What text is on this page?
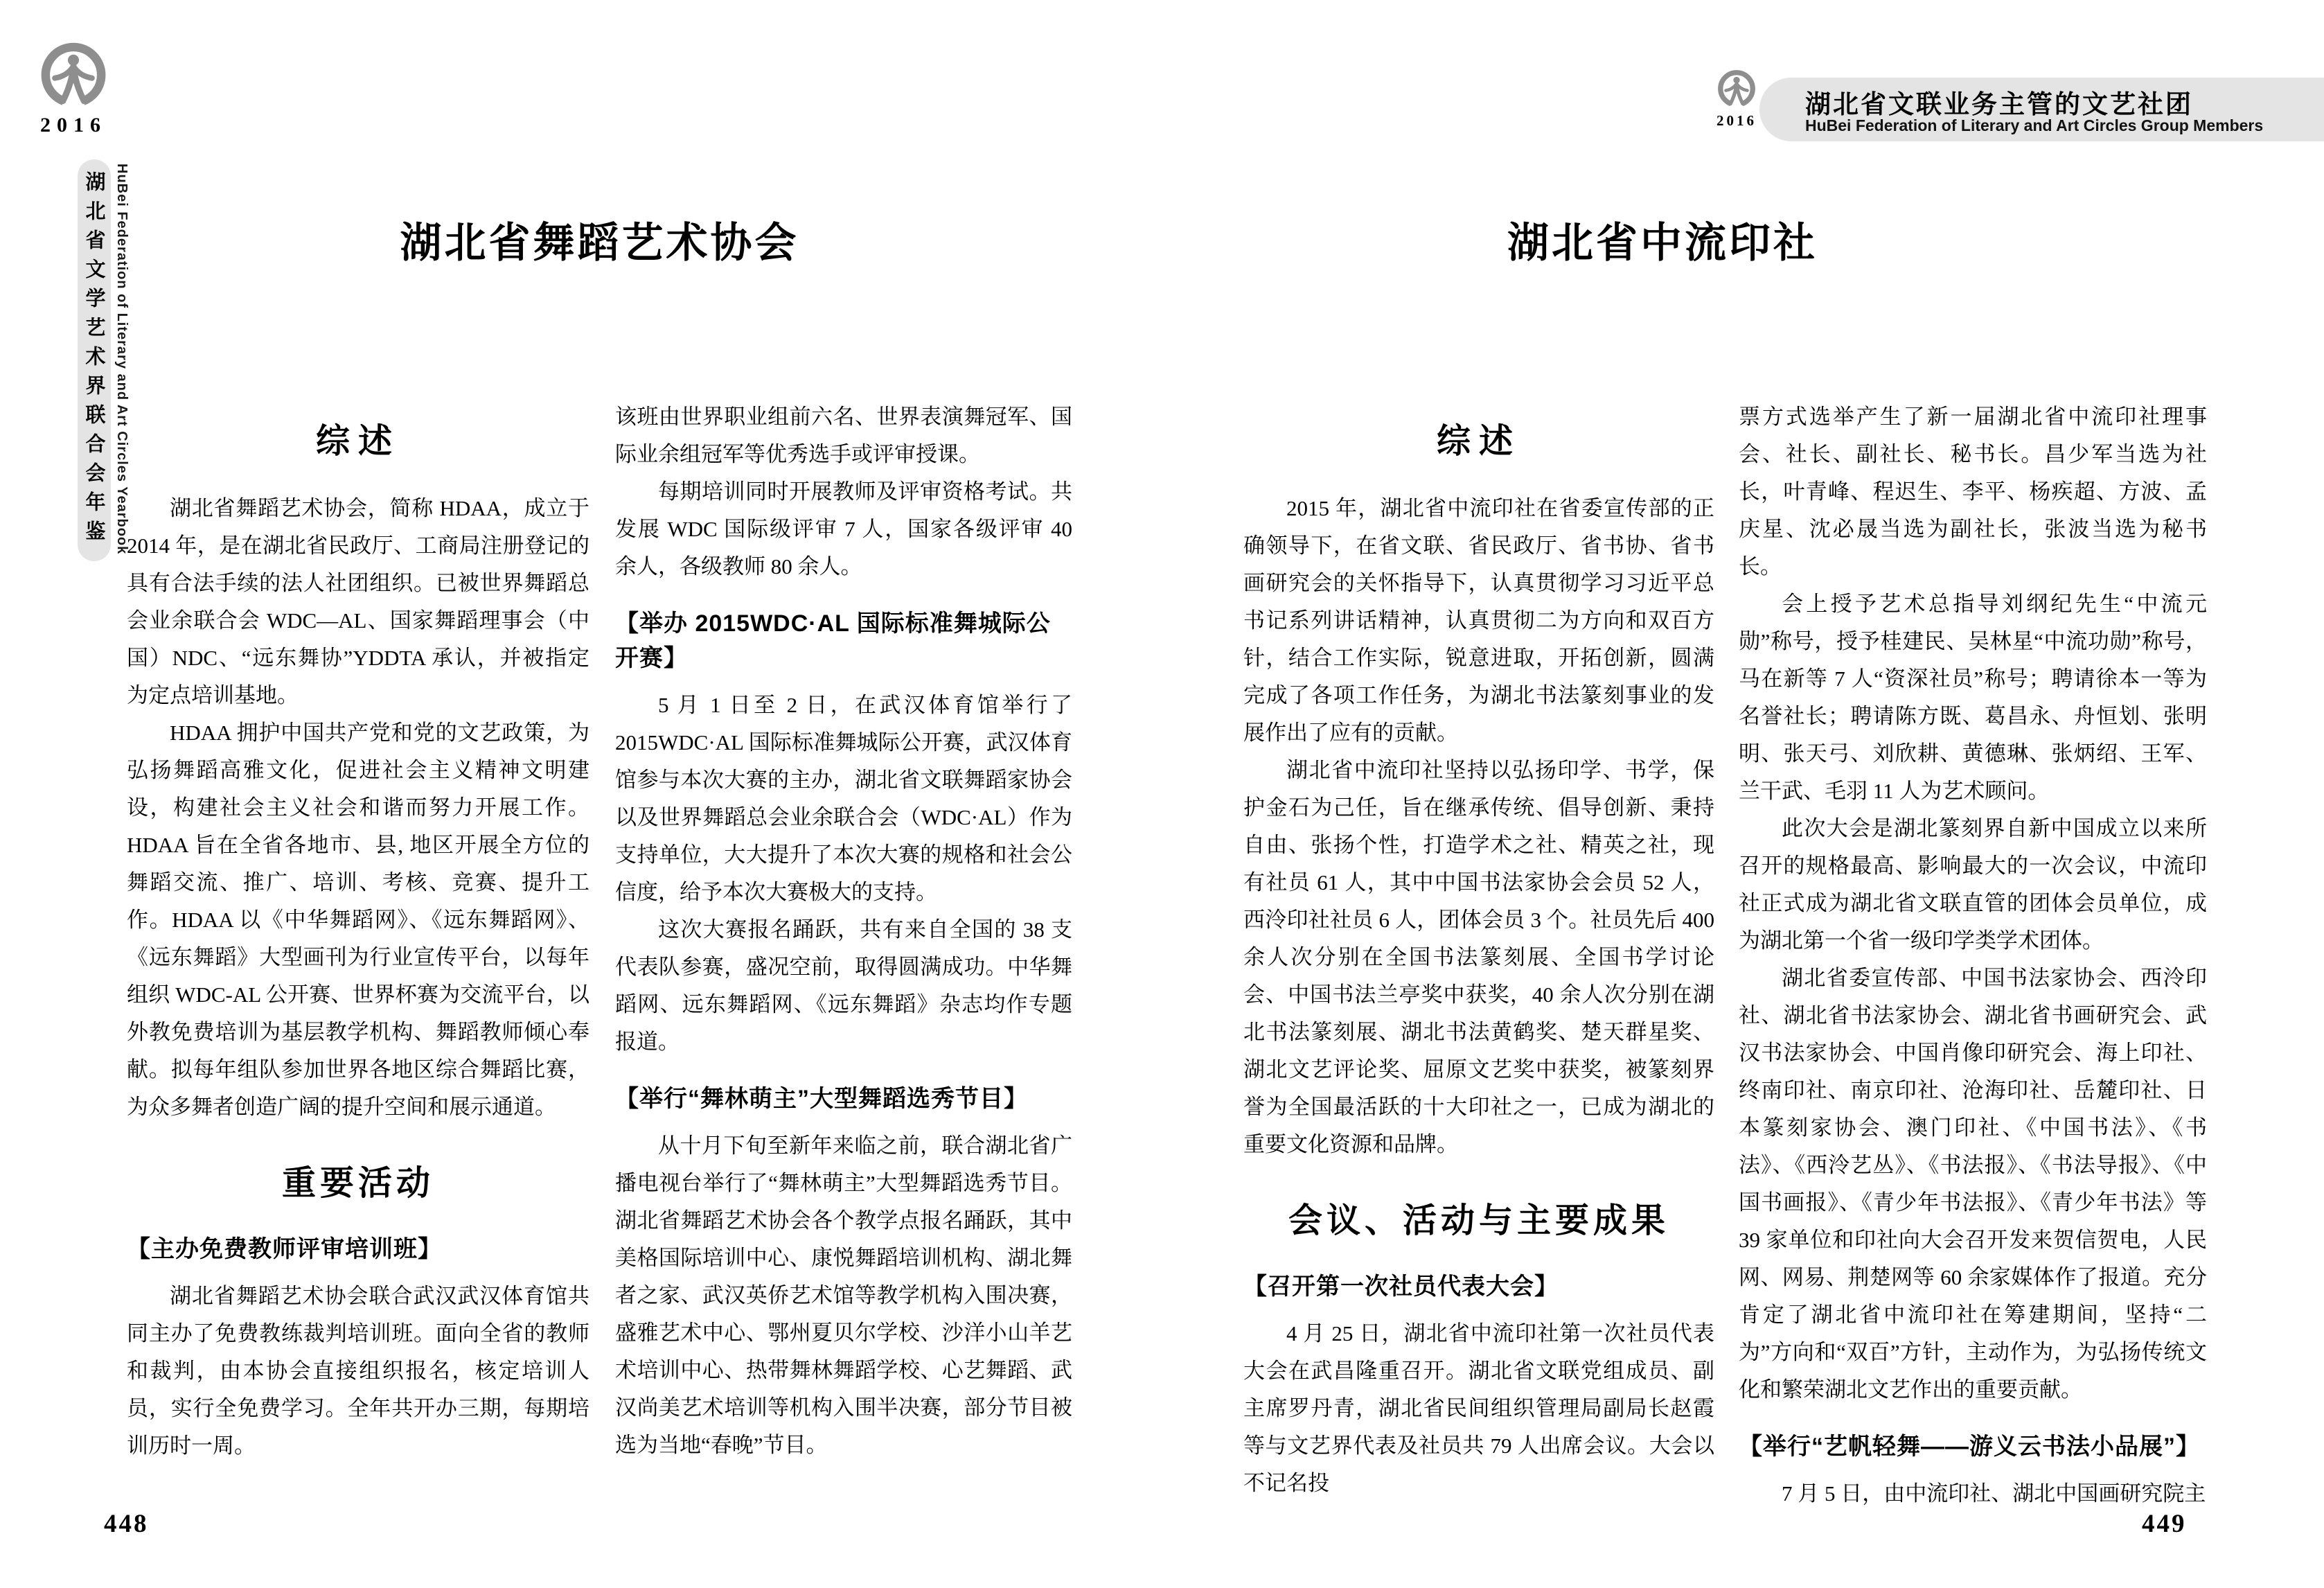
2016
湖北省文学艺术界联合会年鉴 HuBei Federation of Literary and Art Circles Yearbook
2016
湖北省文联业务主管的文艺社团
HuBei Federation of Literary and Art Circles Group Members
湖北省舞蹈艺术协会
综述

湖北省舞蹈艺术协会，简称 HDAA，成立于 2014 年，是在湖北省民政厅、工商局注册登记的具有合法手续的法人社团组织。已被世界舞蹈总会业余联合会 WDC—AL、国家舞蹈理事会（中国）NDC、“远东舞协”YDDTA 承认，并被指定为定点培训基地。

HDAA 拥护中国共产党和党的文艺政策，为弘扬舞蹈高雅文化，促进社会主义精神文明建设，构建社会主义社会和谐而努力开展工作。HDAA 旨在全省各地市、县, 地区开展全方位的舞蹈交流、推广、培训、考核、竞赛、提升工作。HDAA 以《中华舞蹈网》、《远东舞蹈网》、《远东舞蹈》大型画刊为行业宣传平台，以每年组织 WDC-AL 公开赛、世界杯赛为交流平台，以外教免费培训为基层教学机构、舞蹈教师倾心奉献。拟每年组队参加世界各地区综合舞蹈比赛，为众多舞者创造广阔的提升空间和展示通道。

重要活动
【主办免费教师评审培训班】

湖北省舞蹈艺术协会联合武汉武汉体育馆共同主办了免费教练裁判培训班。面向全省的教师和裁判，由本协会直接组织报名，核定培训人员，实行全免费学习。全年共开办三期，每期培训历时一周。

该班由世界职业组前六名、世界表演舞冠军、国际业余组冠军等优秀选手或评审授课。

每期培训同时开展教师及评审资格考试。共发展 WDC 国际级评审 7 人，国家各级评审 40 余人，各级教师 80 余人。

【举办 2015WDC·AL 国际标准舞城际公开赛】

5 月 1 日至 2 日，在武汉体育馆举行了 2015WDC·AL 国际标准舞城际公开赛，武汉体育馆参与本次大赛的主办，湖北省文联舞蹈家协会以及世界舞蹈总会业余联合会（WDC·AL）作为支持单位，大大提升了本次大赛的规格和社会公信度，给予本次大赛极大的支持。

这次大赛报名踊跃，共有来自全国的 38 支代表队参赛，盛况空前，取得圆满成功。中华舞蹈网、远东舞蹈网、《远东舞蹈》杂志均作专题报道。

【举行“舞林萌主”大型舞蹈选秀节目】

从十月下旬至新年来临之前，联合湖北省广播电视台举行了“舞林萌主”大型舞蹈选秀节目。湖北省舞蹈艺术协会各个教学点报名踊跃，其中美格国际培训中心、康悦舞蹈培训机构、湖北舞者之家、武汉英侨艺术馆等教学机构入围决赛，盛雅艺术中心、鄂州夏贝尔学校、沙洋小山羊艺术培训中心、热带舞林舞蹈学校、心艺舞蹈、武汉尚美艺术培训等机构入围半决赛，部分节目被选为当地“春晚”节目。

湖北省中流印社
综述

2015 年，湖北省中流印社在省委宣传部的正确领导下，在省文联、省民政厅、省书协、省书画研究会的关怀指导下，认真贯彻学习习近平总书记系列讲话精神，认真贯彻二为方向和双百方针，结合工作实际，锐意进取，开拓创新，圆满完成了各项工作任务，为湖北书法篆刻事业的发展作出了应有的贡献。

湖北省中流印社坚持以弘扬印学、书学，保护金石为己任，旨在继承传统、倡导创新、秉持自由、张扬个性，打造学术之社、精英之社，现有社员 61 人，其中中国书法家协会会员 52 人，西泠印社社员 6 人，团体会员 3 个。社员先后 400 余人次分别在全国书法篆刻展、全国书学讨论会、中国书法兰亭奖中获奖，40 余人次分别在湖北书法篆刻展、湖北书法黄鹤奖、楚天群星奖、湖北文艺评论奖、屈原文艺奖中获奖，被篆刻界誉为全国最活跃的十大印社之一，已成为湖北的重要文化资源和品牌。

会议、活动与主要成果
【召开第一次社员代表大会】

4 月 25 日，湖北省中流印社第一次社员代表大会在武昌隆重召开。湖北省文联党组成员、副主席罗丹青，湖北省民间组织管理局副局长赵霞等与文艺界代表及社员共 79 人出席会议。大会以不记名投

票方式选举产生了新一届湖北省中流印社理事会、社长、副社长、秘书长。昌少军当选为社长，叶青峰、程迟生、李平、杨疾超、方波、孟庆星、沈必晟当选为副社长，张波当选为秘书长。

会上授予艺术总指导刘纲纪先生“中流元勋”称号，授予桂建民、吴林星“中流功勋”称号，马在新等 7 人“资深社员”称号；聘请徐本一等为名誉社长；聘请陈方既、葛昌永、舟恒划、张明明、张天弓、刘欣耕、黄德琳、张炳绍、王军、兰干武、毛羽 11 人为艺术顾问。

此次大会是湖北篆刻界自新中国成立以来所召开的规格最高、影响最大的一次会议，中流印社正式成为湖北省文联直管的团体会员单位，成为湖北第一个省一级印学类学术团体。

湖北省委宣传部、中国书法家协会、西泠印社、湖北省书法家协会、湖北省书画研究会、武汉书法家协会、中国肖像印研究会、海上印社、终南印社、南京印社、沧海印社、岳麓印社、日本篆刻家协会、澳门印社、《中国书法》、《书法》、《西泠艺丛》、《书法报》、《书法导报》、《中国书画报》、《青少年书法报》、《青少年书法》等 39 家单位和印社向大会召开发来贺信贺电，人民网、网易、荆楚网等 60 余家媒体作了报道。充分肯定了湖北省中流印社在筹建期间，坚持“二为”方向和“双百”方针，主动作为，为弘扬传统文化和繁荣湖北文艺作出的重要贡献。

【举行“艺帆轻舞——游义云书法小品展”】

7 月 5 日，由中流印社、湖北中国画研究院主

448	449
